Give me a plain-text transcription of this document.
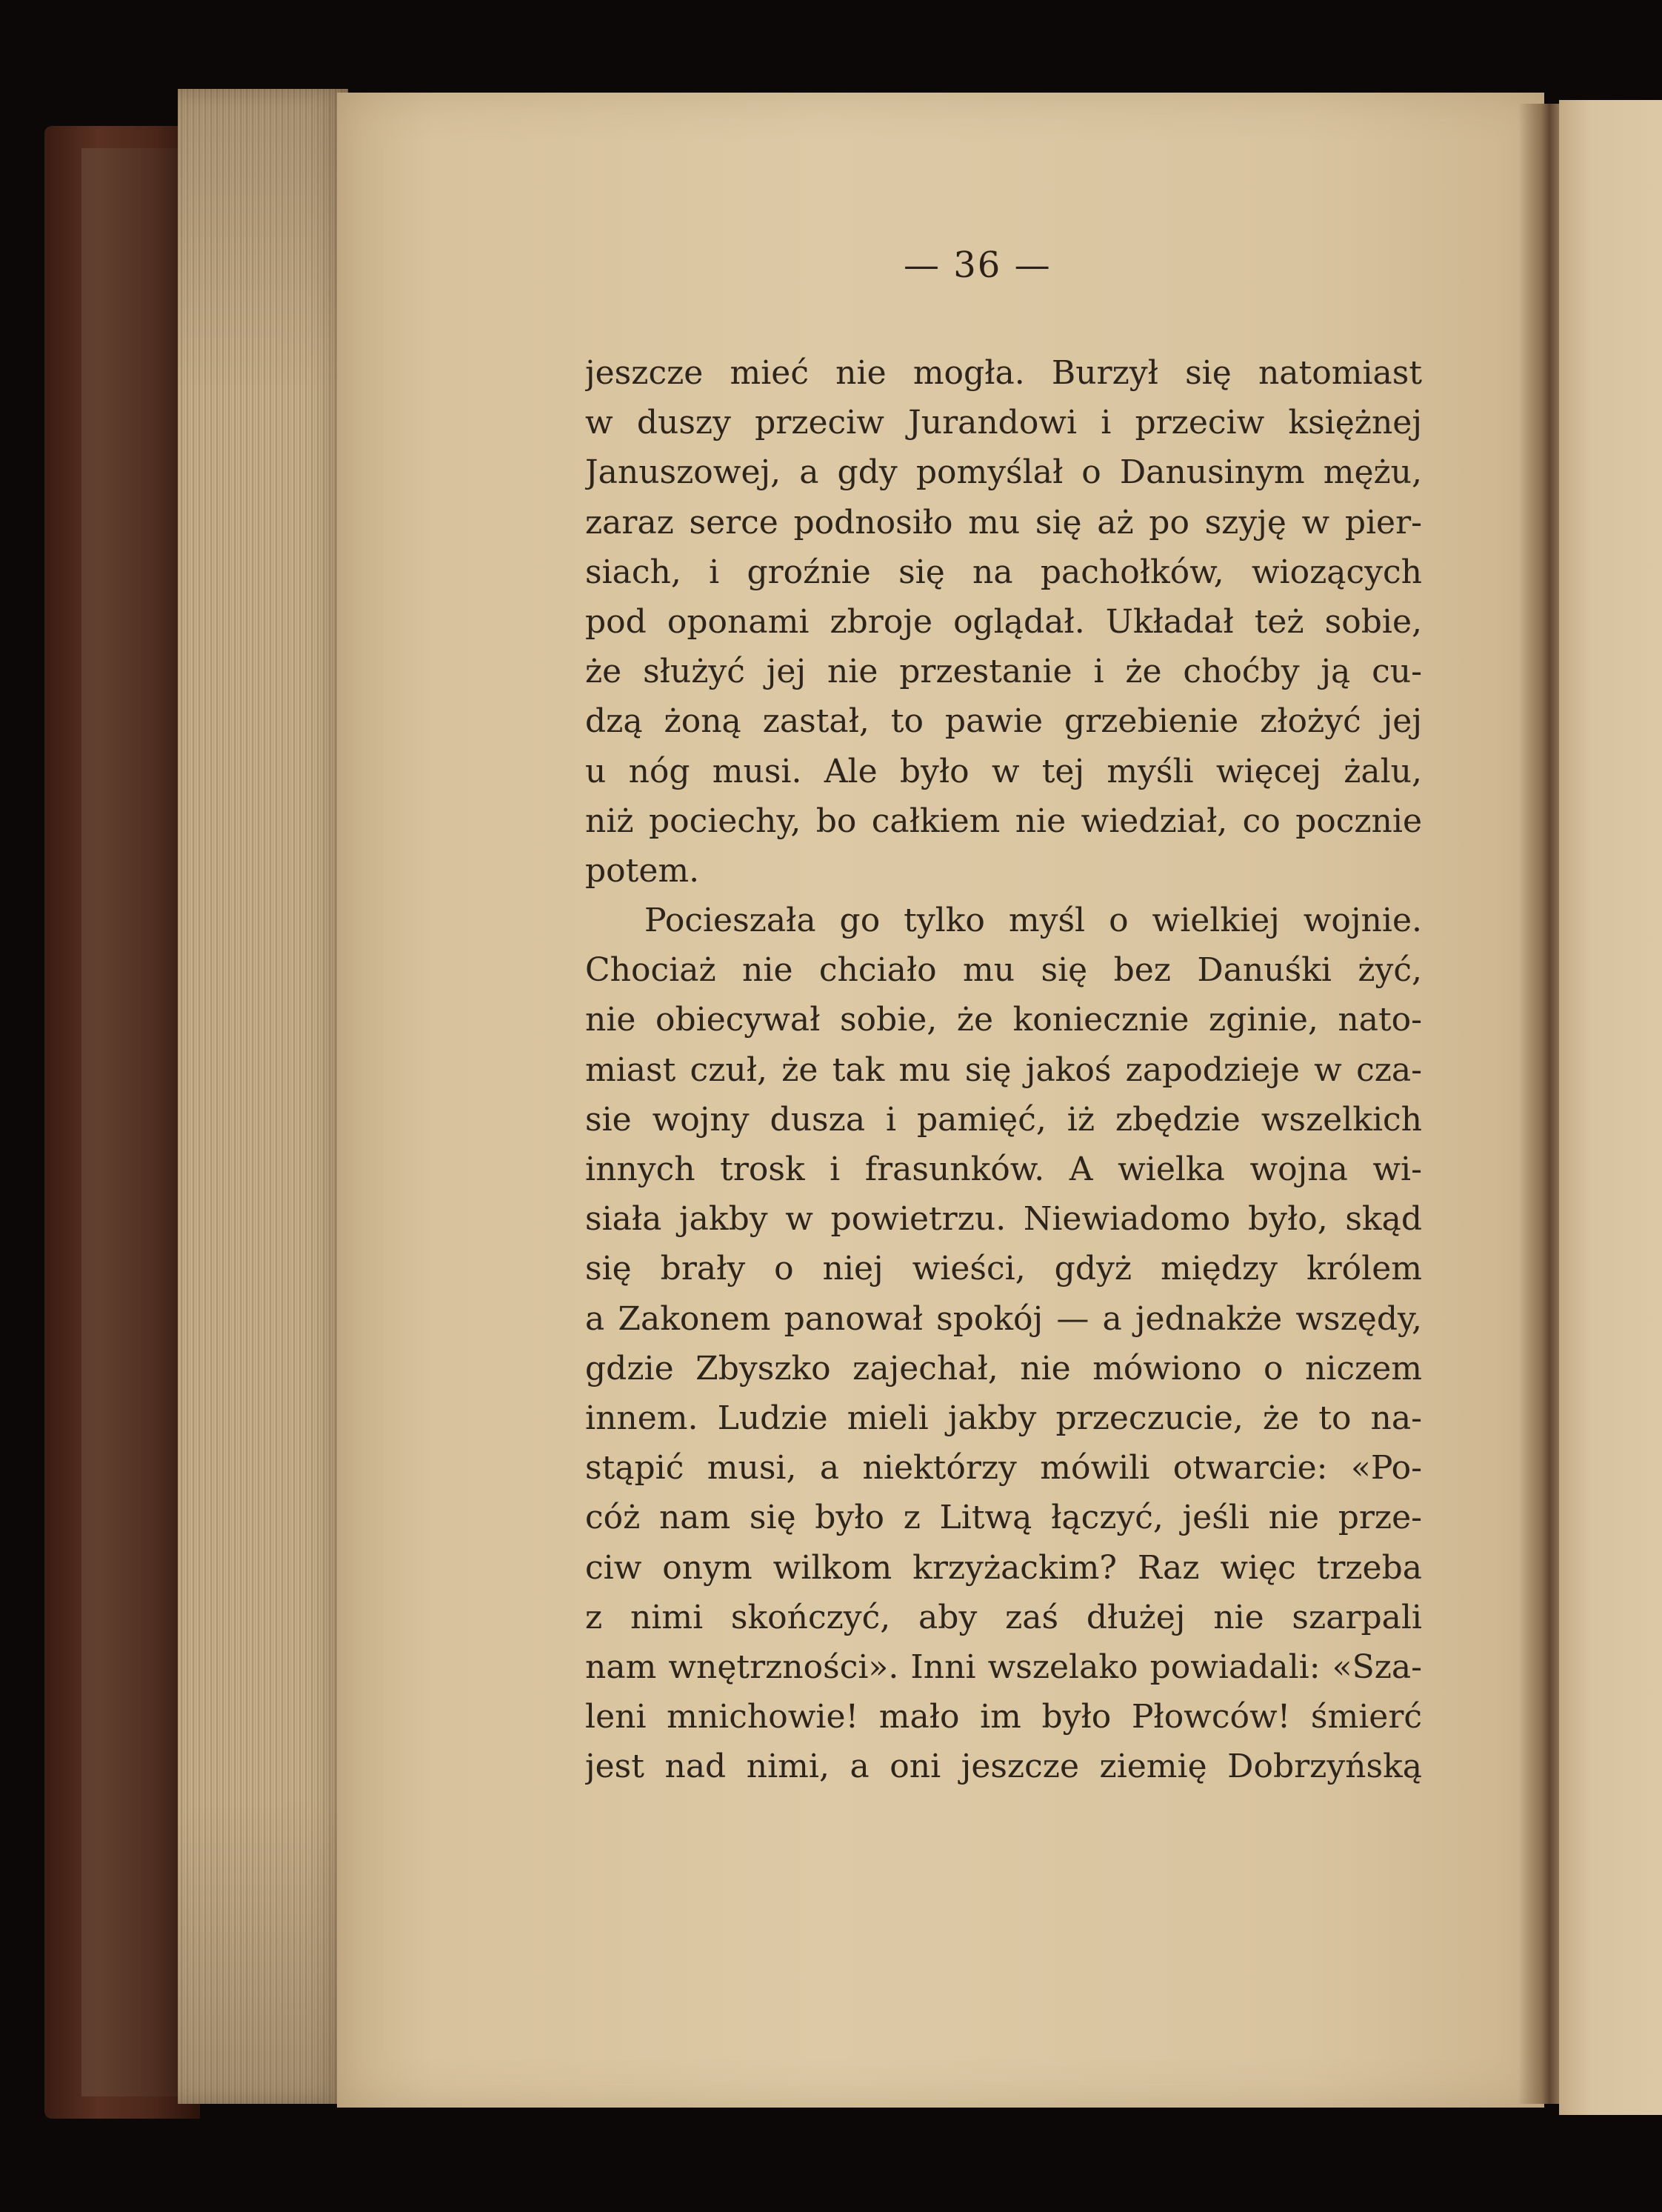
— 36 —
jeszcze mieć nie mogła. Burzył się natomiast
w duszy przeciw Jurandowi i przeciw księżnej
Januszowej, a gdy pomyślał o Danusinym mężu,
zaraz serce podnosiło mu się aż po szyję w pier-
siach, i groźnie się na pachołków, wiozących
pod oponami zbroje oglądał. Układał też sobie,
że służyć jej nie przestanie i że choćby ją cu-
dzą żoną zastał, to pawie grzebienie złożyć jej
u nóg musi. Ale było w tej myśli więcej żalu,
niż pociechy, bo całkiem nie wiedział, co poczniе
potem.
Pocieszała go tylko myśl o wielkiej wojnie.
Chociaż nie chciało mu się bez Danuśki żyć,
nie obiecywał sobie, że koniecznie zginie, nato-
miast czuł, że tak mu się jakoś zapodzieje w cza-
sie wojny dusza i pamięć, iż zbędzie wszelkich
innych trosk i frasunków. A wielka wojna wi-
siała jakby w powietrzu. Niewiadomo było, skąd
się brały o niej wieści, gdyż między królem
a Zakonem panował spokój — a jednakże wszędy,
gdzie Zbyszko zajechał, nie mówiono o niczem
innem. Ludzie mieli jakby przeczucie, że to na-
stąpić musi, a niektórzy mówili otwarcie: «Po-
cóż nam się było z Litwą łączyć, jeśli nie prze-
ciw onym wilkom krzyżackim? Raz więc trzeba
z nimi skończyć, aby zaś dłużej nie szarpali
nam wnętrzności». Inni wszelako powiadali: «Sza-
leni mnichowie! mało im było Płowców! śmierć
jest nad nimi, a oni jeszcze ziemię Dobrzyńską
